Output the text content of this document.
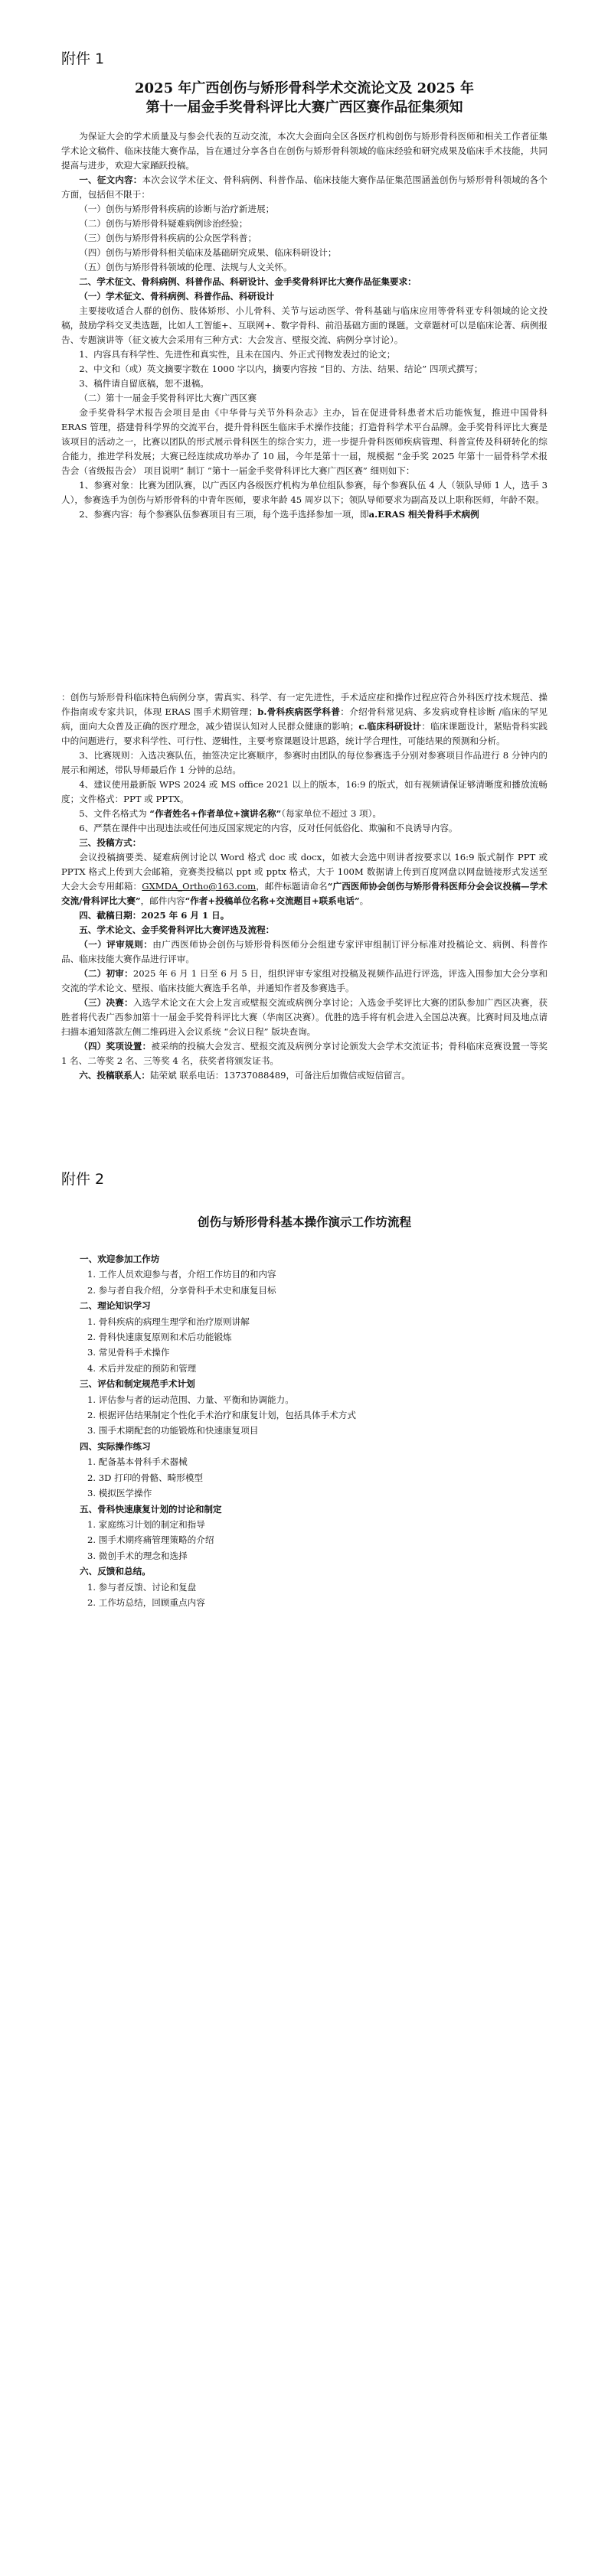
附件 1
2025 年广西创伤与矫形骨科学术交流论文及 2025 年
第十一届金手奖骨科评比大赛广西区赛作品征集须知

为保证大会的学术质量及与参会代表的互动交流，本次大会面向全区各医疗机构创伤与矫形骨科医师和相关工作者征集学术论文稿件、临床技能大赛作品，旨在通过分享各自在创伤与矫形骨科领域的临床经验和研究成果及临床手术技能，共同提高与进步，欢迎大家踊跃投稿。

一、征文内容：本次会议学术征文、骨科病例、科普作品、临床技能大赛作品征集范围涵盖创伤与矫形骨科领域的各个方面，包括但不限于：

（一）创伤与矫形骨科疾病的诊断与治疗新进展；

（二）创伤与矫形骨科疑难病例诊治经验；

（三）创伤与矫形骨科疾病的公众医学科普；

（四）创伤与矫形骨科相关临床及基础研究成果、临床科研设计；

（五）创伤与矫形骨科领域的伦理、法规与人文关怀。

二、学术征文、骨科病例、科普作品、科研设计、金手奖骨科评比大赛作品征集要求：

（一）学术征文、骨科病例、科普作品、科研设计

主要接收适合人群的创伤、肢体矫形、小儿骨科、关节与运动医学、骨科基础与临床应用等骨科亚专科领域的论文投稿，鼓励学科交叉类选题，比如人工智能+、互联网+、数字骨科、前沿基础方面的课题。文章题材可以是临床论著、病例报告、专题演讲等（征文被大会采用有三种方式：大会发言、壁报交流、病例分享讨论）。

1、内容具有科学性、先进性和真实性，且未在国内、外正式刊物发表过的论文；

2、中文和（或）英文摘要字数在 1000 字以内，摘要内容按 “目的、方法、结果、结论” 四项式撰写；

3、稿件请自留底稿，恕不退稿。

（二）第十一届金手奖骨科评比大赛广西区赛

金手奖骨科学术报告会项目是由《中华骨与关节外科杂志》主办，旨在促进骨科患者术后功能恢复，推进中国骨科 ERAS 管理，搭建骨科学界的交流平台，提升骨科医生临床手术操作技能；打造骨科学术平台品牌。金手奖骨科评比大赛是该项目的活动之一，比赛以团队的形式展示骨科医生的综合实力，进一步提升骨科医师疾病管理、科普宣传及科研转化的综合能力，推进学科发展；大赛已经连续成功举办了 10 届，今年是第十一届，规模据 “金手奖 2025 年第十一届骨科学术报告会（省级报告会） 项目说明” 制订 “第十一届金手奖骨科评比大赛广西区赛” 细则如下：

1、参赛对象：比赛为团队赛，以广西区内各级医疗机构为单位组队参赛，每个参赛队伍 4 人（领队导师 1 人，选手 3 人），参赛选手为创伤与矫形骨科的中青年医师，要求年龄 45 周岁以下；领队导师要求为副高及以上职称医师，年龄不限。

2、参赛内容：每个参赛队伍参赛项目有三项，每个选手选择参加一项，即a.ERAS 相关骨科手术病例

：创伤与矫形骨科临床特色病例分享，需真实、科学、有一定先进性，手术适应症和操作过程应符合外科医疗技术规范、操作指南或专家共识，体现 ERAS 围手术期管理；b.骨科疾病医学科普：介绍骨科常见病、多发病或脊柱诊断 /临床的罕见病，面向大众普及正确的医疗理念，减少错误认知对人民群众健康的影响；c.临床科研设计：临床课题设计，紧贴骨科实践中的问题进行，要求科学性、可行性、逻辑性，主要考察课题设计思路，统计学合理性，可能结果的预测和分析。

3、比赛规则：入选决赛队伍，抽签决定比赛顺序，参赛时由团队的每位参赛选手分别对参赛项目作品进行 8 分钟内的展示和阐述，带队导师最后作 1 分钟的总结。

4、建议使用最新版 WPS 2024 或 MS office 2021 以上的版本，16:9 的版式，如有视频请保证够清晰度和播放流畅度；文件格式：PPT 或 PPTX。

5、文件名格式为 “作者姓名+作者单位+演讲名称”（每家单位不超过 3 项）。

6、严禁在课件中出现违法或任何违反国家规定的内容，反对任何低俗化、欺骗和不良诱导内容。

三、投稿方式：

会议投稿摘要类、疑难病例讨论以 Word 格式 doc 或 docx，如被大会选中则讲者按要求以 16:9 版式制作 PPT 或 PPTX 格式上传到大会邮箱，竞赛类投稿以 ppt 或 pptx 格式，大于 100M 数据请上传到百度网盘以网盘链接形式发送至大会大会专用邮箱：GXMDA_Ortho@163.com，邮件标题请命名“广西医师协会创伤与矫形骨科医师分会会议投稿—学术交流/骨科评比大赛”，邮件内容“作者+投稿单位名称+交流题目+联系电话”。

四、截稿日期：2025 年 6 月 1 日。

五、学术论文、金手奖骨科评比大赛评选及流程：

（一）评审规则：由广西医师协会创伤与矫形骨科医师分会组建专家评审组制订评分标准对投稿论文、病例、科普作品、临床技能大赛作品进行评审。

（二）初审：2025 年 6 月 1 日至 6 月 5 日，组织评审专家组对投稿及视频作品进行评选，评选入围参加大会分享和交流的学术论文、壁报、临床技能大赛选手名单，并通知作者及参赛选手。

（三）决赛：入选学术论文在大会上发言或壁报交流或病例分享讨论；入选金手奖评比大赛的团队参加广西区决赛，获胜者将代表广西参加第十一届金手奖骨科评比大赛（华南区决赛）。优胜的选手将有机会进入全国总决赛。比赛时间及地点请扫描本通知落款左侧二维码进入会议系统 “会议日程” 版块查询。

（四）奖项设置：被采纳的投稿大会发言、壁报交流及病例分享讨论颁发大会学术交流证书；骨科临床竞赛设置一等奖 1 名、二等奖 2 名、三等奖 4 名，获奖者将颁发证书。

六、投稿联系人：陆荣斌 联系电话：13737088489，可备注后加微信或短信留言。

附件 2
创伤与矫形骨科基本操作演示工作坊流程

一、欢迎参加工作坊

1. 工作人员欢迎参与者，介绍工作坊目的和内容

2. 参与者自我介绍，分享骨科手术史和康复目标

二、理论知识学习

1. 骨科疾病的病理生理学和治疗原则讲解

2. 骨科快速康复原则和术后功能锻炼

3. 常见骨科手术操作

4. 术后并发症的预防和管理

三、评估和制定规范手术计划

1. 评估参与者的运动范围、力量、平衡和协调能力。

2. 根据评估结果制定个性化手术治疗和康复计划，包括具体手术方式

3. 围手术期配套的功能锻炼和快速康复项目

四、实际操作练习

1. 配备基本骨科手术器械

2. 3D 打印的骨骼、畸形模型

3. 模拟医学操作

五、骨科快速康复计划的讨论和制定

1. 家庭练习计划的制定和指导

2. 围手术期疼痛管理策略的介绍

3. 微创手术的理念和选择

六、反馈和总结。

1. 参与者反馈、讨论和复盘

2. 工作坊总结，回顾重点内容
